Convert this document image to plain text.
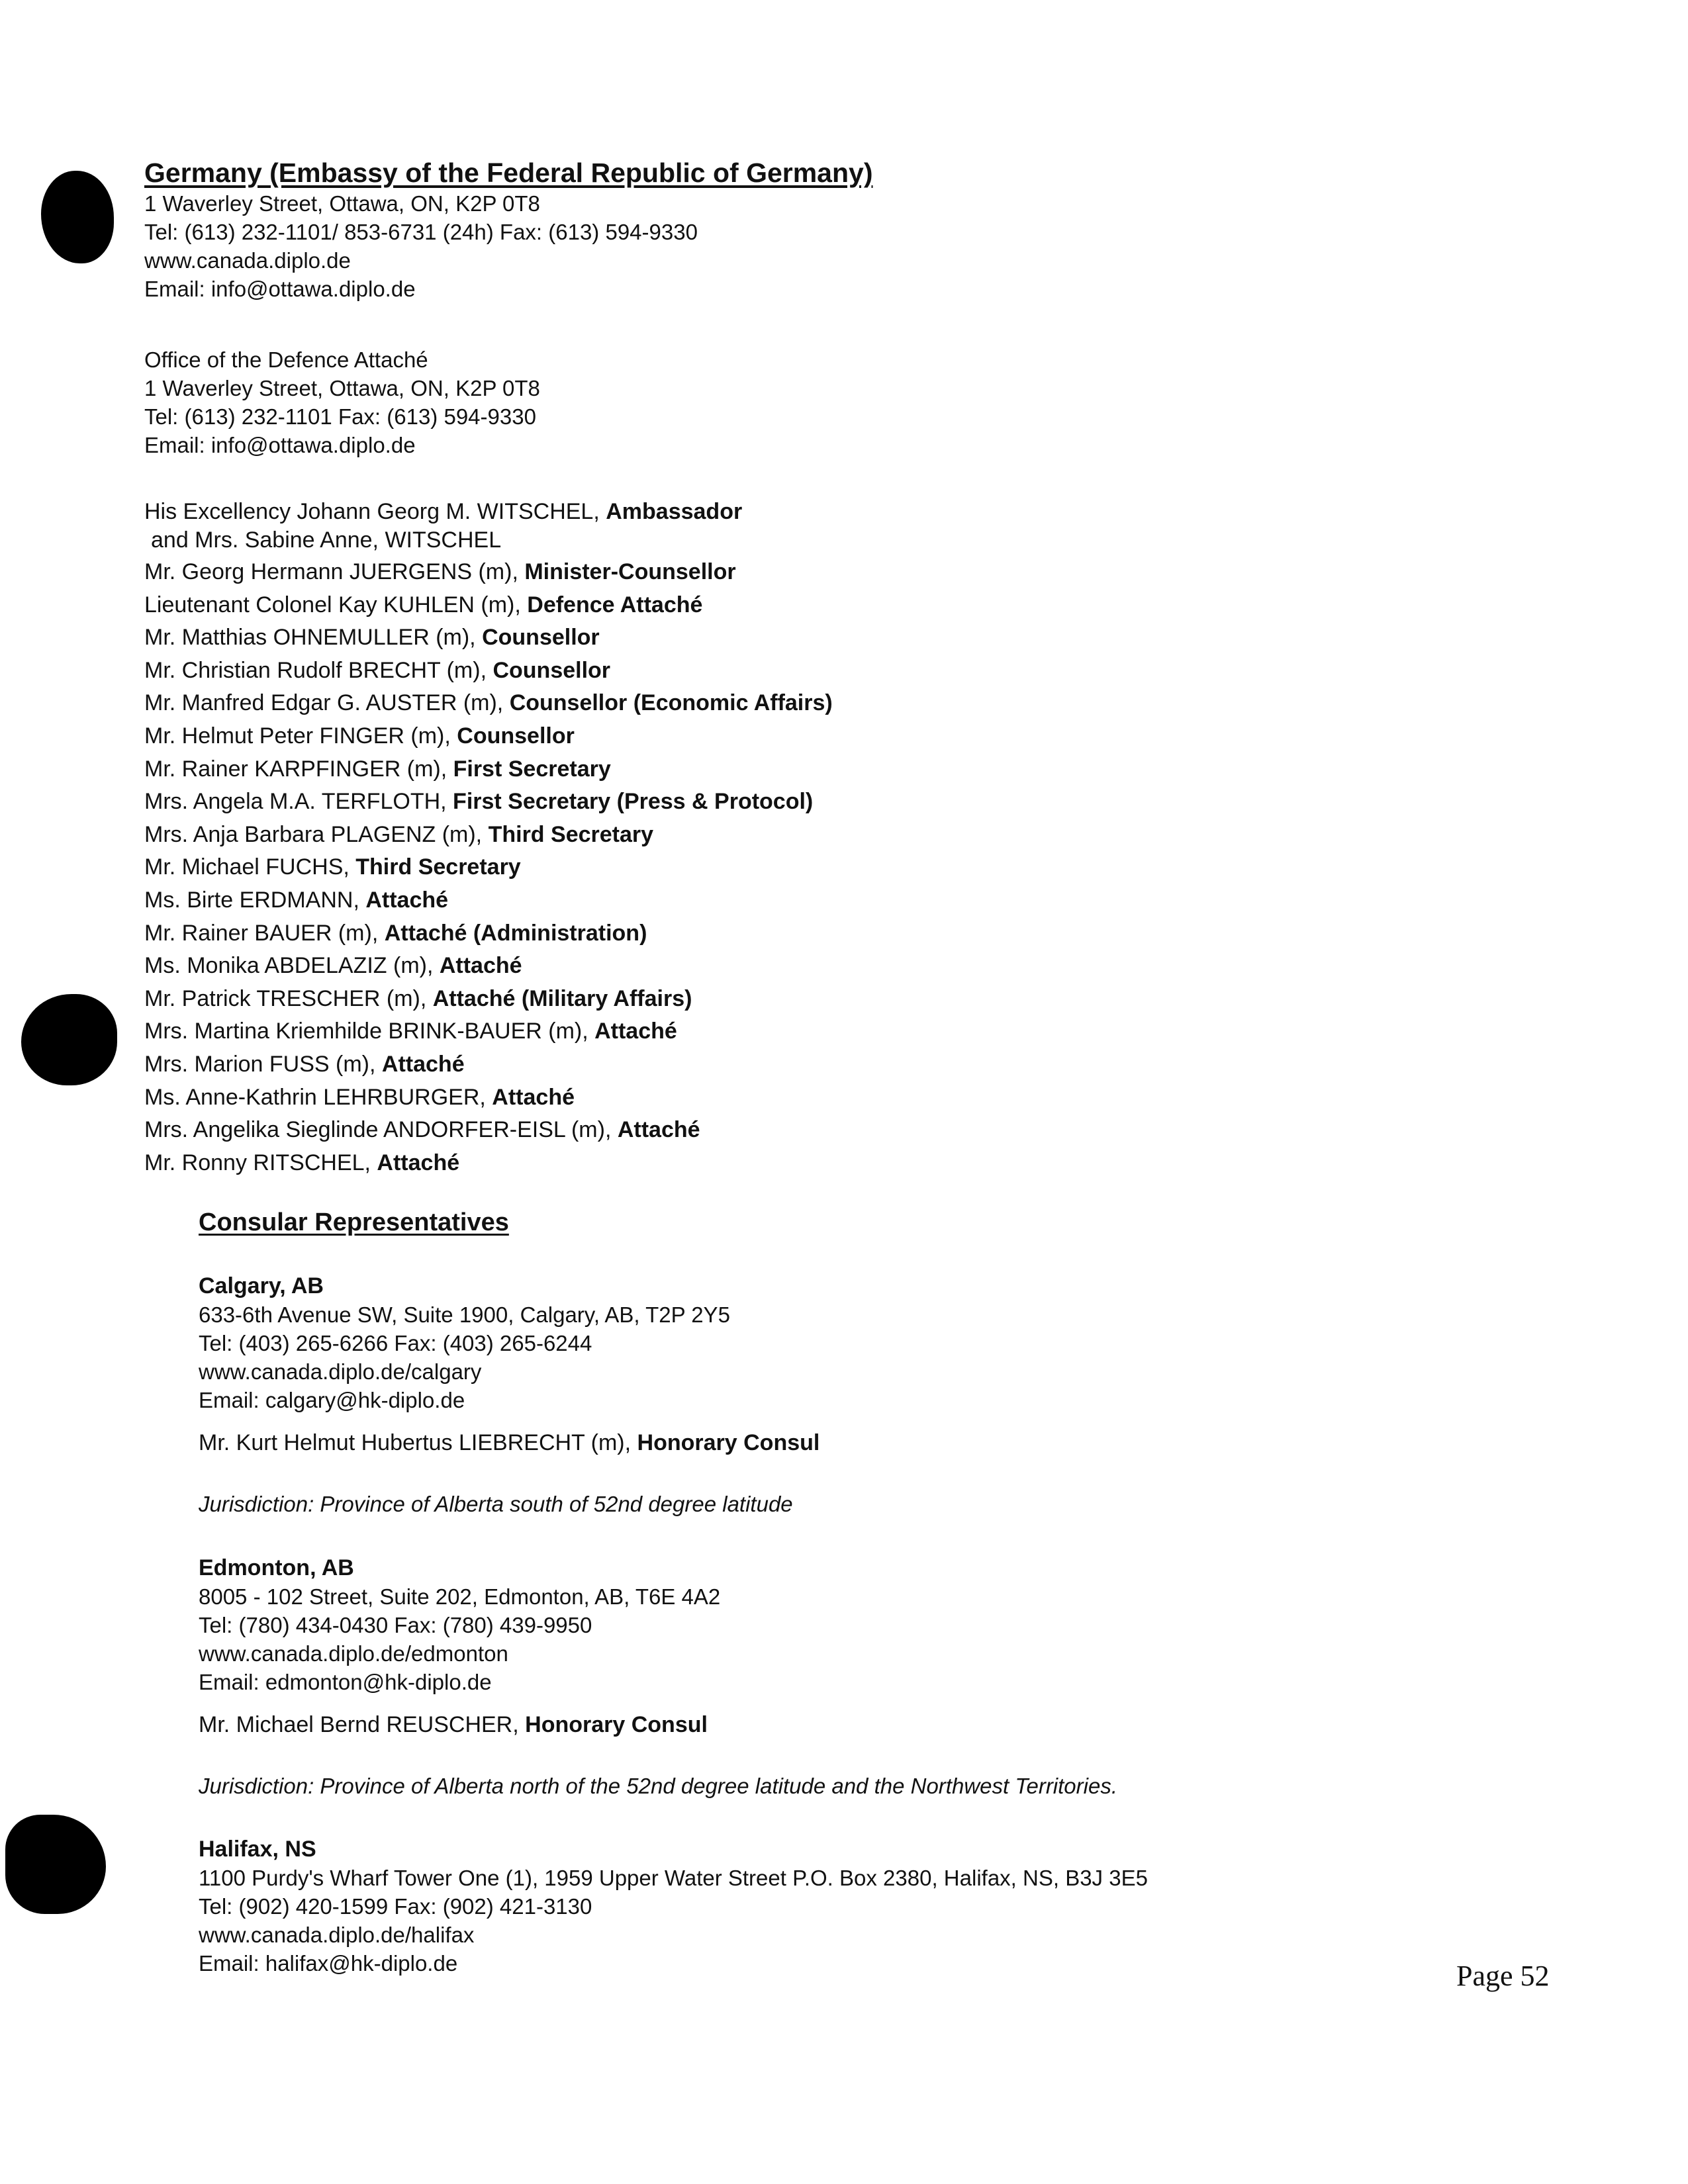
Germany (Embassy of the Federal Republic of Germany)
1 Waverley Street, Ottawa, ON, K2P 0T8
Tel: (613) 232-1101/ 853-6731 (24h) Fax: (613) 594-9330
www.canada.diplo.de
Email: info@ottawa.diplo.de
Office of the Defence Attaché
1 Waverley Street, Ottawa, ON, K2P 0T8
Tel: (613) 232-1101 Fax: (613) 594-9330
Email: info@ottawa.diplo.de
His Excellency Johann Georg M. WITSCHEL, Ambassador
and Mrs. Sabine Anne, WITSCHEL
Mr. Georg Hermann JUERGENS (m), Minister-Counsellor
Lieutenant Colonel Kay KUHLEN (m), Defence Attaché
Mr. Matthias OHNEMULLER (m), Counsellor
Mr. Christian Rudolf BRECHT (m), Counsellor
Mr. Manfred Edgar G. AUSTER (m), Counsellor (Economic Affairs)
Mr. Helmut Peter FINGER (m), Counsellor
Mr. Rainer KARPFINGER (m), First Secretary
Mrs. Angela M.A. TERFLOTH, First Secretary (Press & Protocol)
Mrs. Anja Barbara PLAGENZ (m), Third Secretary
Mr. Michael FUCHS, Third Secretary
Ms. Birte ERDMANN, Attaché
Mr. Rainer BAUER (m), Attaché (Administration)
Ms. Monika ABDELAZIZ (m), Attaché
Mr. Patrick TRESCHER (m), Attaché (Military Affairs)
Mrs. Martina Kriemhilde BRINK-BAUER (m), Attaché
Mrs. Marion FUSS (m), Attaché
Ms. Anne-Kathrin LEHRBURGER, Attaché
Mrs. Angelika Sieglinde ANDORFER-EISL (m), Attaché
Mr. Ronny RITSCHEL, Attaché
Consular Representatives
Calgary, AB
633-6th Avenue SW, Suite 1900, Calgary, AB, T2P 2Y5
Tel: (403) 265-6266 Fax: (403) 265-6244
www.canada.diplo.de/calgary
Email: calgary@hk-diplo.de
Mr. Kurt Helmut Hubertus LIEBRECHT (m), Honorary Consul
Jurisdiction: Province of Alberta south of 52nd degree latitude
Edmonton, AB
8005 - 102 Street, Suite 202, Edmonton, AB, T6E 4A2
Tel: (780) 434-0430 Fax: (780) 439-9950
www.canada.diplo.de/edmonton
Email: edmonton@hk-diplo.de
Mr. Michael Bernd REUSCHER, Honorary Consul
Jurisdiction: Province of Alberta north of the 52nd degree latitude and the Northwest Territories.
Halifax, NS
1100 Purdy's Wharf Tower One (1), 1959 Upper Water Street P.O. Box 2380, Halifax, NS, B3J 3E5
Tel: (902) 420-1599 Fax: (902) 421-3130
www.canada.diplo.de/halifax
Email: halifax@hk-diplo.de	Page 52
